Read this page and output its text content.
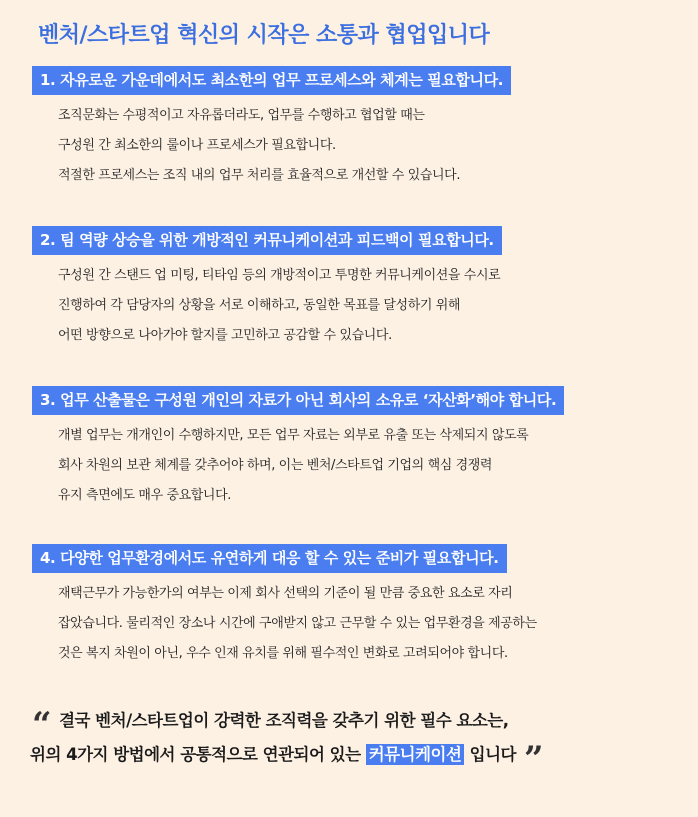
벤처/스타트업 혁신의 시작은 소통과 협업입니다
1. 자유로운 가운데에서도 최소한의 업무 프로세스와 체계는 필요합니다.
조직문화는 수평적이고 자유롭더라도, 업무를 수행하고 협업할 때는
구성원 간 최소한의 룰이나 프로세스가 필요합니다.
적절한 프로세스는 조직 내의 업무 처리를 효율적으로 개선할 수 있습니다.
2. 팀 역량 상승을 위한 개방적인 커뮤니케이션과 피드백이 필요합니다.
구성원 간 스탠드 업 미팅, 티타임 등의 개방적이고 투명한 커뮤니케이션을 수시로
진행하여 각 담당자의 상황을 서로 이해하고, 동일한 목표를 달성하기 위해
어떤 방향으로 나아가야 할지를 고민하고 공감할 수 있습니다.
3. 업무 산출물은 구성원 개인의 자료가 아닌 회사의 소유로 ‘자산화’해야 합니다.
개별 업무는 개개인이 수행하지만, 모든 업무 자료는 외부로 유출 또는 삭제되지 않도록
회사 차원의 보관 체계를 갖추어야 하며, 이는 벤처/스타트업 기업의 핵심 경쟁력
유지 측면에도 매우 중요합니다.
4. 다양한 업무환경에서도 유연하게 대응 할 수 있는 준비가 필요합니다.
재택근무가 가능한가의 여부는 이제 회사 선택의 기준이 될 만큼 중요한 요소로 자리
잡았습니다. 물리적인 장소나 시간에 구애받지 않고 근무할 수 있는 업무환경을 제공하는
것은 복지 차원이 아닌, 우수 인재 유치를 위해 필수적인 변화로 고려되어야 합니다.
“ 결국 벤처/스타트업이 강력한 조직력을 갖추기 위한 필수 요소는,
위의 4가지 방법에서 공통적으로 연관되어 있는 커뮤니케이션 입니다 ”
